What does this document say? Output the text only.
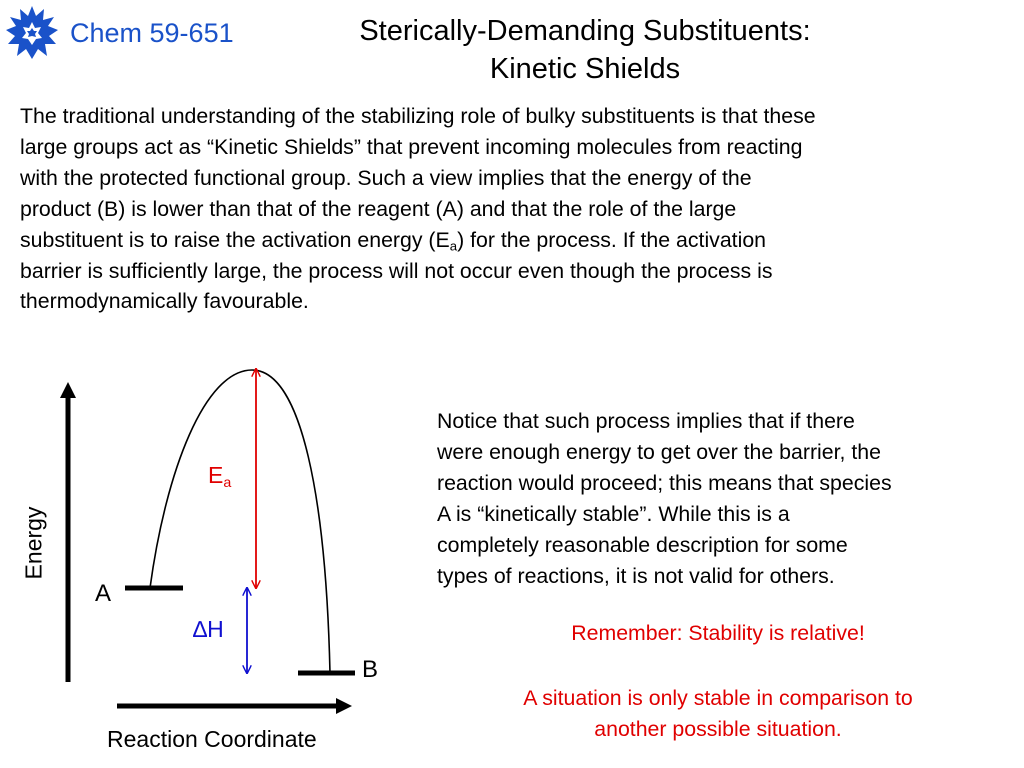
Chem 59-651	Sterically-Demanding Substituents:
Kinetic Shields
The traditional understanding of the stabilizing role of bulky substituents is that these
large groups act as “Kinetic Shields” that prevent incoming molecules from reacting
with the protected functional group. Such a view implies that the energy of the
product (B) is lower than that of the reagent (A) and that the role of the large
substituent is to raise the activation energy $(E_a)$ for the process. If the activation
barrier is sufficiently large, the process will not occur even though the process is
thermodynamically favourable.
Energy
A
B
$E_a$
∆H
Reaction Coordinate
Notice that such process implies that if there
were enough energy to get over the barrier, the
reaction would proceed; this means that species
A is “kinetically stable”. While this is a
completely reasonable description for some
types of reactions, it is not valid for others.
Remember: Stability is relative!
A situation is only stable in comparison to
another possible situation.
